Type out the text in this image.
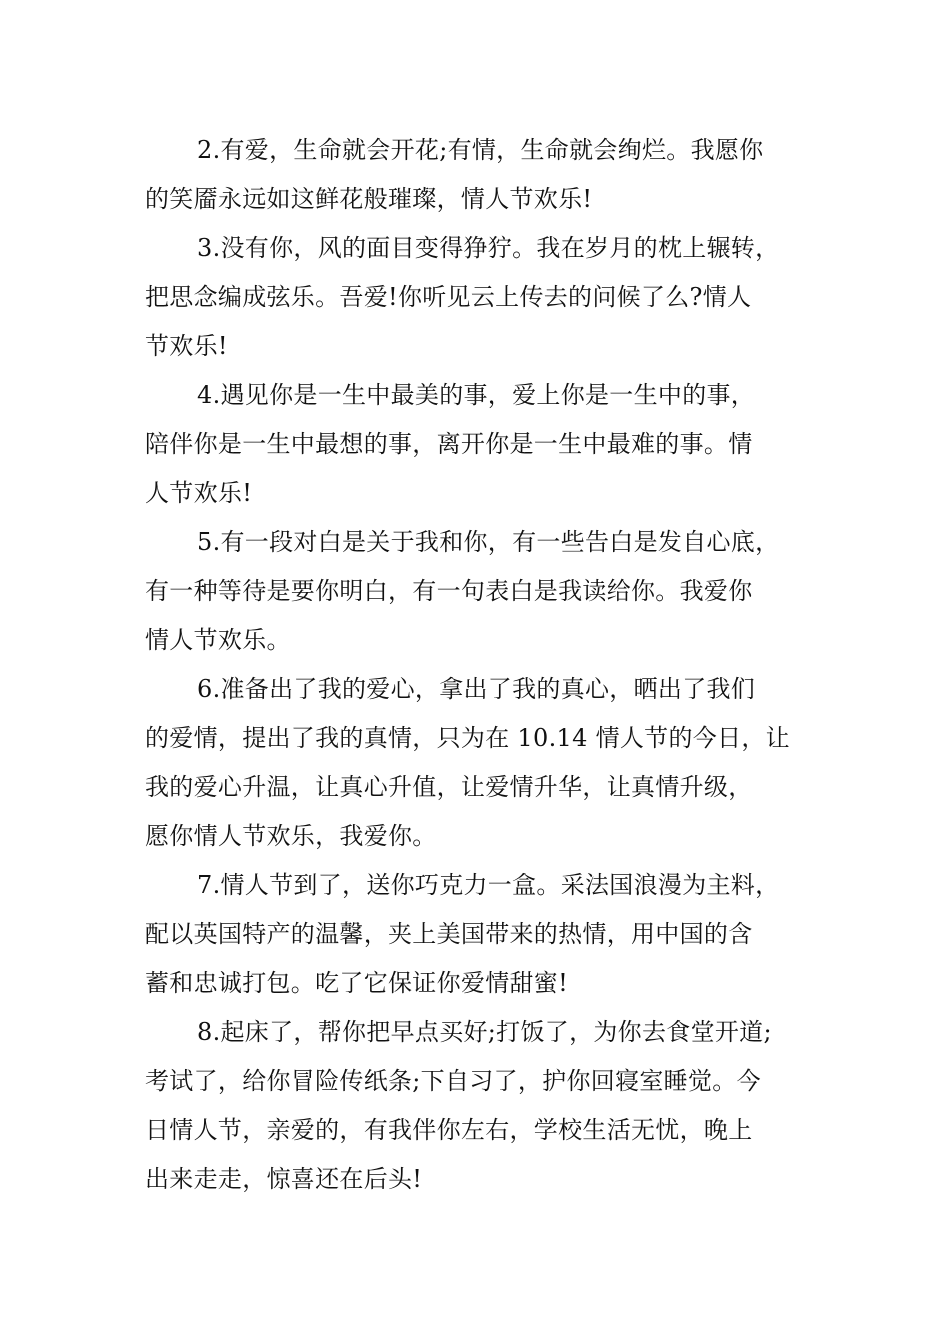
2.有爱，生命就会开花;有情，生命就会绚烂。我愿你
的笑靥永远如这鲜花般璀璨，情人节欢乐!

3.没有你，风的面目变得狰狞。我在岁月的枕上辗转，
把思念编成弦乐。吾爱!你听见云上传去的问候了么?情人
节欢乐!

4.遇见你是一生中最美的事，爱上你是一生中的事，
陪伴你是一生中最想的事，离开你是一生中最难的事。情
人节欢乐!

5.有一段对白是关于我和你，有一些告白是发自心底，
有一种等待是要你明白，有一句表白是我读给你。我爱你
情人节欢乐。

6.准备出了我的爱心，拿出了我的真心，晒出了我们
的爱情，提出了我的真情，只为在 10.14 情人节的今日，让
我的爱心升温，让真心升值，让爱情升华，让真情升级，
愿你情人节欢乐，我爱你。

7.情人节到了，送你巧克力一盒。采法国浪漫为主料，
配以英国特产的温馨，夹上美国带来的热情，用中国的含
蓄和忠诚打包。吃了它保证你爱情甜蜜!

8.起床了，帮你把早点买好;打饭了，为你去食堂开道;
考试了，给你冒险传纸条;下自习了，护你回寝室睡觉。今
日情人节，亲爱的，有我伴你左右，学校生活无忧，晚上
出来走走，惊喜还在后头!
